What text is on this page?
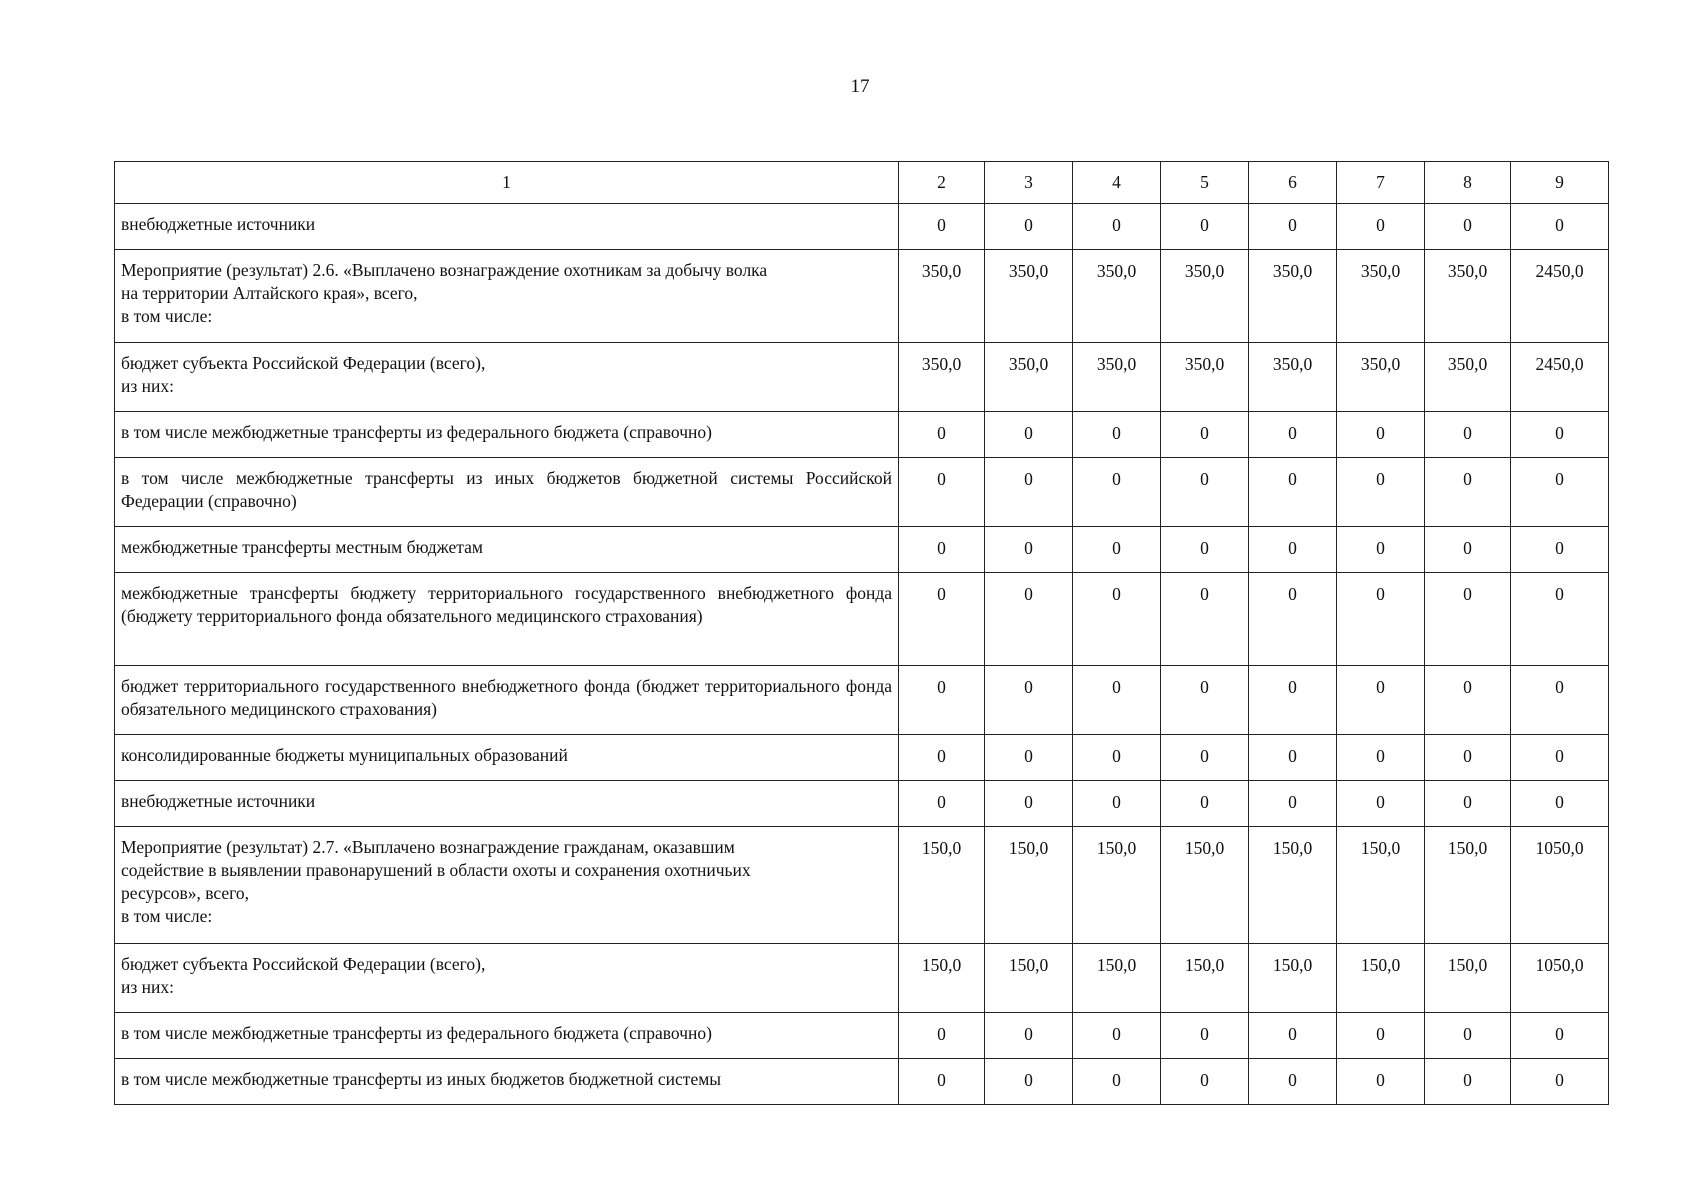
17
1	2	3	4	5	6	7	8	9

внебюджетные источники	0	0	0	0	0	0	0	0

Мероприятие (результат) 2.6. «Выплачено вознаграждение охотникам за добычу волка
на территории Алтайского края», всего,
в том числе:	350,0	350,0	350,0	350,0	350,0	350,0	350,0	2450,0

бюджет субъекта Российской Федерации (всего),
из них:	350,0	350,0	350,0	350,0	350,0	350,0	350,0	2450,0

в том числе межбюджетные трансферты из федерального бюджета (справочно)	0	0	0	0	0	0	0	0
в том числе межбюджетные трансферты из иных бюджетов бюджетной системы Российской Федерации (справочно)	0	0	0	0	0	0	0	0

межбюджетные трансферты местным бюджетам	0	0	0	0	0	0	0	0
межбюджетные трансферты бюджету территориального государственного внебюджетного фонда (бюджету территориального фонда обязательного медицинского страхования)	0	0	0	0	0	0	0	0
бюджет территориального государственного внебюджетного фонда (бюджет территориального фонда обязательного медицинского страхования)	0	0	0	0	0	0	0	0

консолидированные бюджеты муниципальных образований	0	0	0	0	0	0	0	0

внебюджетные источники	0	0	0	0	0	0	0	0

Мероприятие (результат) 2.7. «Выплачено вознаграждение гражданам, оказавшим
содействие в выявлении правонарушений в области охоты и сохранения охотничьих
ресурсов», всего,
в том числе:	150,0	150,0	150,0	150,0	150,0	150,0	150,0	1050,0

бюджет субъекта Российской Федерации (всего),
из них:	150,0	150,0	150,0	150,0	150,0	150,0	150,0	1050,0

в том числе межбюджетные трансферты из федерального бюджета (справочно)	0	0	0	0	0	0	0	0

в том числе межбюджетные трансферты из иных бюджетов бюджетной системы	0	0	0	0	0	0	0	0
